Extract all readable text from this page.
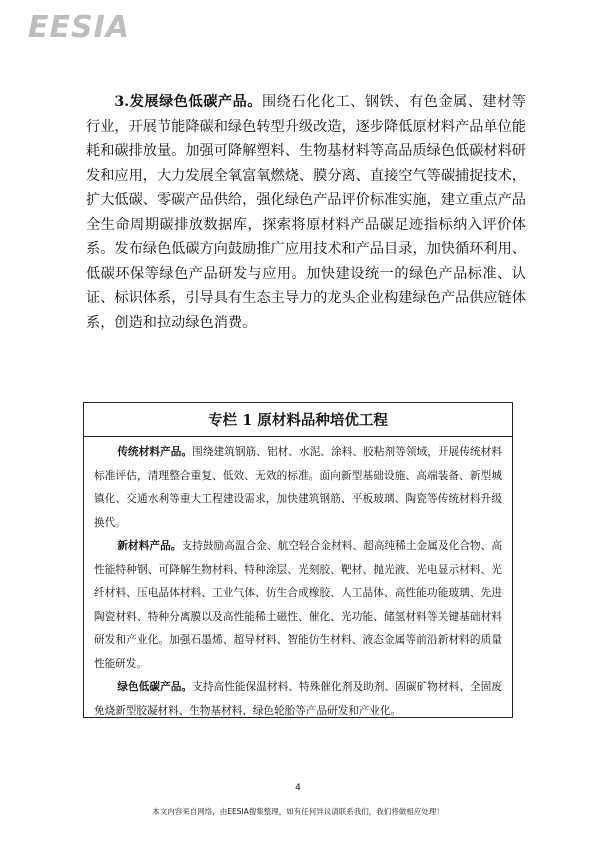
EESIA

3.发展绿色低碳产品。围绕石化化工、钢铁、有色金属、建材等行业，开展节能降碳和绿色转型升级改造，逐步降低原材料产品单位能耗和碳排放量。加强可降解塑料、生物基材料等高品质绿色低碳材料研发和应用，大力发展全氧富氧燃烧、膜分离、直接空气等碳捕捉技术，扩大低碳、零碳产品供给，强化绿色产品评价标准实施，建立重点产品全生命周期碳排放数据库，探索将原材料产品碳足迹指标纳入评价体系。发布绿色低碳方向鼓励推广应用技术和产品目录，加快循环利用、低碳环保等绿色产品研发与应用。加快建设统一的绿色产品标准、认证、标识体系，引导具有生态主导力的龙头企业构建绿色产品供应链体系，创造和拉动绿色消费。

专栏 1 原材料品种培优工程

传统材料产品。围绕建筑钢筋、铝材、水泥、涂料、胶粘剂等领域，开展传统材料标准评估，清理整合重复、低效、无效的标准。面向新型基础设施、高端装备、新型城镇化、交通水利等重大工程建设需求，加快建筑钢筋、平板玻璃、陶瓷等传统材料升级换代。

新材料产品。支持鼓励高温合金、航空轻合金材料、超高纯稀土金属及化合物、高性能特种钢、可降解生物材料、特种涂层、光刻胶、靶材、抛光液、光电显示材料、光纤材料、压电晶体材料、工业气体、仿生合成橡胶、人工晶体、高性能功能玻璃、先进陶瓷材料、特种分离膜以及高性能稀土磁性、催化、光功能、储氢材料等关键基础材料研发和产业化。加强石墨烯、超导材料、智能仿生材料、液态金属等前沿新材料的质量性能研发。

绿色低碳产品。支持高性能保温材料、特殊催化剂及助剂、固碳矿物材料、全固废免烧新型胶凝材料、生物基材料、绿色轮胎等产品研发和产业化。

4
本文内容来自网络，由EESIA搜集整理，如有任何异议请联系我们，我们将做相应处理！
